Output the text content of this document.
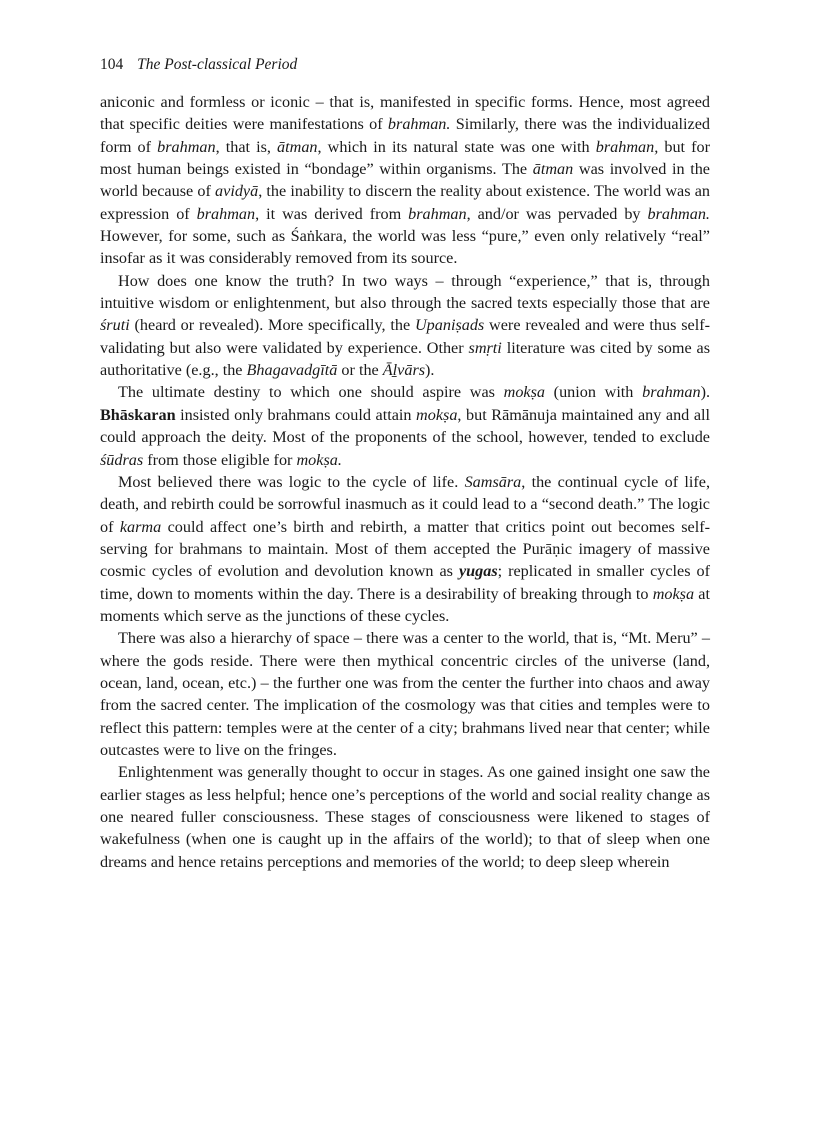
104 The Post-classical Period

aniconic and formless or iconic – that is, manifested in specific forms. Hence, most agreed that specific deities were manifestations of brahman. Similarly, there was the individualized form of brahman, that is, ātman, which in its natural state was one with brahman, but for most human beings existed in “bondage” within organisms. The ātman was involved in the world because of avidyā, the inability to discern the reality about existence. The world was an expression of brahman, it was derived from brahman, and/or was pervaded by brahman. However, for some, such as Śaṅkara, the world was less “pure,” even only relatively “real” insofar as it was considerably removed from its source.

How does one know the truth? In two ways – through “experience,” that is, through intuitive wisdom or enlightenment, but also through the sacred texts especially those that are śruti (heard or revealed). More specifically, the Upaniṣads were revealed and were thus self-validating but also were validated by experience. Other smṛti literature was cited by some as authoritative (e.g., the Bhagavadgītā or the Āḻvārs).

The ultimate destiny to which one should aspire was mokṣa (union with brahman). Bhāskaran insisted only brahmans could attain mokṣa, but Rāmānuja maintained any and all could approach the deity. Most of the proponents of the school, however, tended to exclude śūdras from those eligible for mokṣa.

Most believed there was logic to the cycle of life. Samsāra, the continual cycle of life, death, and rebirth could be sorrowful inasmuch as it could lead to a “second death.” The logic of karma could affect one’s birth and rebirth, a matter that critics point out becomes self-serving for brahmans to maintain. Most of them accepted the Purāṇic imagery of massive cosmic cycles of evolution and devolution known as yugas; replicated in smaller cycles of time, down to moments within the day. There is a desirability of breaking through to mokṣa at moments which serve as the junctions of these cycles.

There was also a hierarchy of space – there was a center to the world, that is, “Mt. Meru” – where the gods reside. There were then mythical concentric circles of the universe (land, ocean, land, ocean, etc.) – the further one was from the center the further into chaos and away from the sacred center. The implication of the cosmology was that cities and temples were to reflect this pattern: temples were at the center of a city; brahmans lived near that center; while outcastes were to live on the fringes.

Enlightenment was generally thought to occur in stages. As one gained insight one saw the earlier stages as less helpful; hence one’s perceptions of the world and social reality change as one neared fuller consciousness. These stages of consciousness were likened to stages of wakefulness (when one is caught up in the affairs of the world); to that of sleep when one dreams and hence retains perceptions and memories of the world; to deep sleep wherein
